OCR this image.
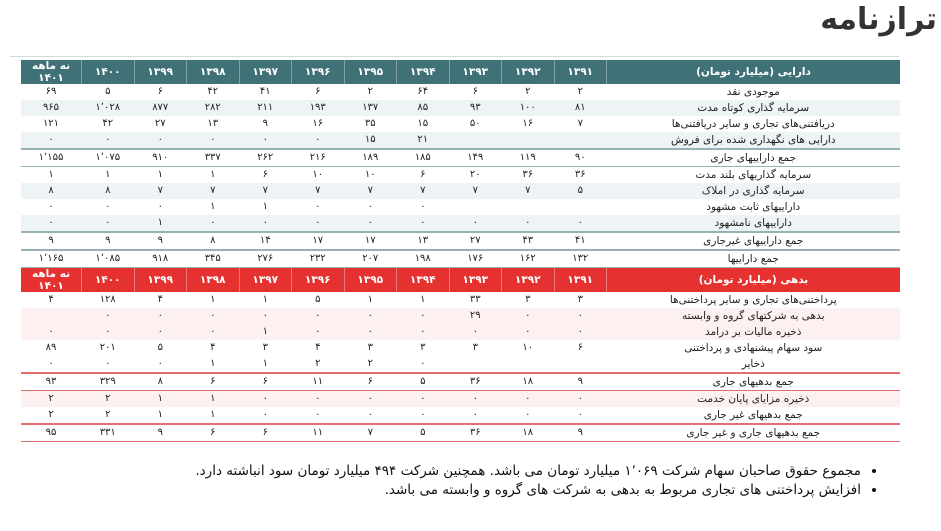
ترازنامه
دارایی (میلیارد تومان)	۱۳۹۱	۱۳۹۲	۱۳۹۳	۱۳۹۴	۱۳۹۵	۱۳۹۶	۱۳۹۷	۱۳۹۸	۱۳۹۹	۱۴۰۰	نه ماهه ۱۴۰۱
موجودی نقد	۲	۲	۶	۶۴	۲	۶	۴۱	۴۲	۶	۵	۶۹
سرمایه گذاری کوتاه مدت	۸۱	۱۰۰	۹۳	۸۵	۱۳۷	۱۹۳	۲۱۱	۲۸۲	۸۷۷	۱٬۰۲۸	۹۶۵
دریافتنی‌های تجاری و سایر دریافتنی‌ها	۷	۱۶	۵۰	۱۵	۳۵	۱۶	۹	۱۳	۲۷	۴۲	۱۲۱
دارایی های نگهداری شده برای فروش				۲۱	۱۵	۰	۰	۰	۰	۰	۰
جمع داراییهای جاری	۹۰	۱۱۹	۱۴۹	۱۸۵	۱۸۹	۲۱۶	۲۶۲	۳۳۷	۹۱۰	۱٬۰۷۵	۱٬۱۵۵
سرمایه گذاریهای بلند مدت	۳۶	۳۶	۲۰	۶	۱۰	۱۰	۶	۱	۱	۱	۱
سرمایه گذاری در املاک	۵	۷	۷	۷	۷	۷	۷	۷	۷	۸	۸
داراییهای ثابت مشهود				۰	۰	۰	۱	۱	۰	۰	۰
داراییهای نامشهود	۰	۰	۰	۰	۰	۰	۰	۰	۱	۰	۰
جمع داراییهای غیرجاری	۴۱	۴۳	۲۷	۱۳	۱۷	۱۷	۱۴	۸	۹	۹	۹
جمع داراییها	۱۳۲	۱۶۲	۱۷۶	۱۹۸	۲۰۷	۲۳۲	۲۷۶	۳۴۵	۹۱۸	۱٬۰۸۵	۱٬۱۶۵
بدهی (میلیارد تومان)	۱۳۹۱	۱۳۹۲	۱۳۹۳	۱۳۹۴	۱۳۹۵	۱۳۹۶	۱۳۹۷	۱۳۹۸	۱۳۹۹	۱۴۰۰	نه ماهه ۱۴۰۱
پرداختنی‌های تجاری و سایر پرداختنی‌ها	۳	۳	۳۳	۱	۱	۵	۱	۱	۴	۱۲۸	۴
بدهی به شرکتهای گروه و وابسته	۰	۰	۲۹	۰	۰	۰	۰	۰	۰	۰	
ذخیره مالیات بر درامد	۰	۰	۰	۰	۰	۰	۱	۰	۰	۰	۰
سود سهام پیشنهادی و پرداختنی	۶	۱۰	۳	۳	۳	۴	۳	۴	۵	۲۰۱	۸۹
ذخایر				۰	۲	۲	۱	۱	۰	۰	۰
جمع بدهیهای جاری	۹	۱۸	۳۶	۵	۶	۱۱	۶	۶	۸	۳۲۹	۹۳
ذخیره مزایای پایان خدمت	۰	۰	۰	۰	۰	۰	۰	۱	۱	۲	۲
جمع بدهیهای غیر جاری	۰	۰	۰	۰	۰	۰	۰	۱	۱	۲	۲
جمع بدهیهای جاری و غیر جاری	۹	۱۸	۳۶	۵	۷	۱۱	۶	۶	۹	۳۳۱	۹۵
• مجموع حقوق صاحبان سهام شرکت ۱٬۰۶۹ میلیارد تومان می باشد. همچنین شرکت ۴۹۴ میلیارد تومان سود انباشته دارد.
• افزایش پرداختنی های تجاری مربوط به بدهی به شرکت های گروه و وابسته می باشد.
